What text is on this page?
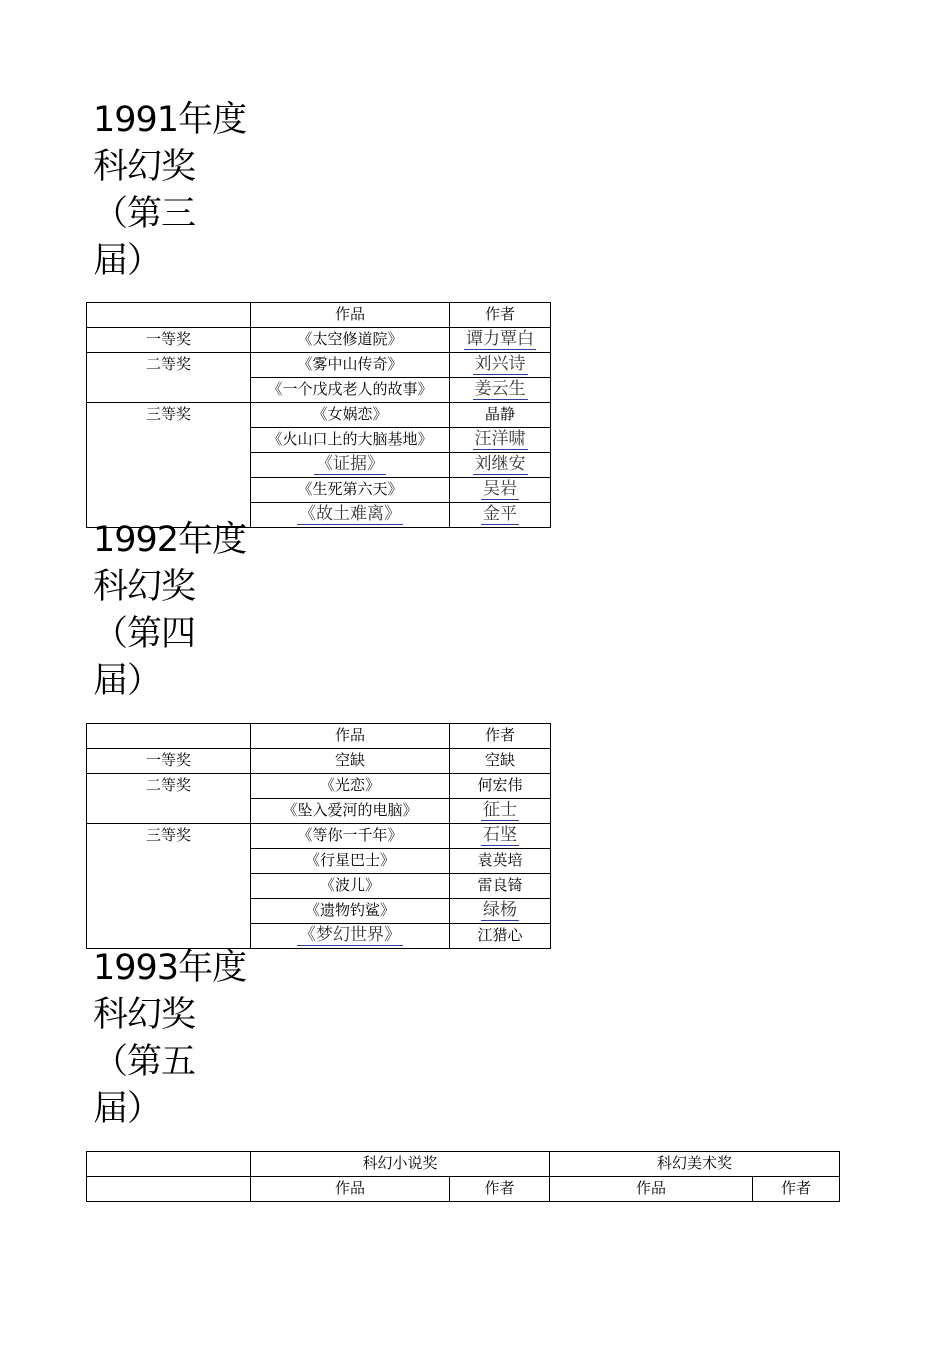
1991年度
科幻奖
（第三
届）
	作品	作者
一等奖	《太空修道院》	谭力覃白
二等奖	《雾中山传奇》	刘兴诗
	《一个戊戌老人的故事》	姜云生
三等奖	《女娲恋》	晶静
	《火山口上的大脑基地》	汪洋啸
	《证据》	刘继安
	《生死第六天》	吴岩
	《故土难离》	金平
1992年度
科幻奖
（第四
届）
	作品	作者
一等奖	空缺	空缺
二等奖	《光恋》	何宏伟
	《坠入爱河的电脑》	征士
三等奖	《等你一千年》	石坚
	《行星巴士》	袁英培
	《波儿》	雷良锜
	《遗物钓鲨》	绿杨
	《梦幻世界》	江猎心
1993年度
科幻奖
（第五
届）
	科幻小说奖		科幻美术奖	
	作品	作者	作品	作者
